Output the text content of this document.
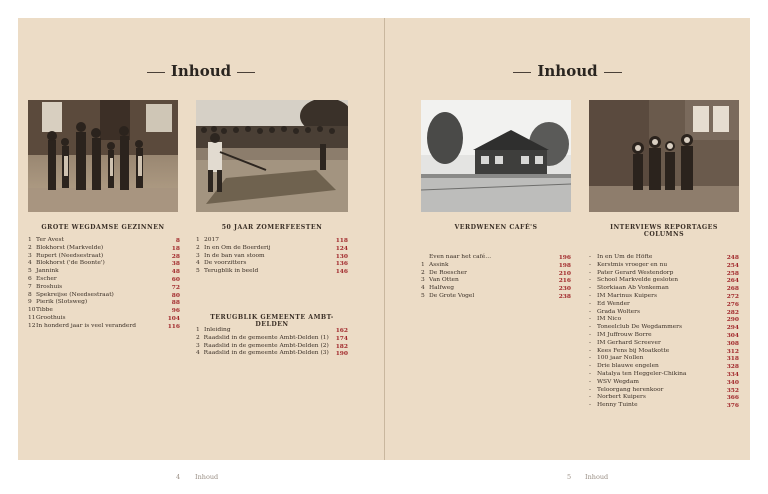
Inhoud
GROTE WEGDAMSE GEZINNEN
1 Ter Avest	8
2 Blokhorst (Markvelde)	18
3 Rupert (Needsestraat)	28
4 Blokhorst ('de Boonte')	38
5 Jannink	48
6 Escher	60
7 Broshuis	72
8 Spekreijse (Needsestraat)	80
9 Pierik (Slotsweg)	88
10 Tibbe	96
11 Groothuis	104
12 In honderd jaar is veel veranderd	116
50 JAAR ZOMERFEESTEN
1 2017	118
2 In en Om de Boerderij	124
3 In de ban van stoom	130
4 De voorzitters	136
5 Terugblik in beeld	146
TERUGBLIK GEMEENTE AMBT-DELDEN
1 Inleiding	162
2 Raadslid in de gemeente Ambt-Delden (1)	174
3 Raadslid in de gemeente Ambt-Delden (2)	182
4 Raadslid in de gemeente Ambt-Delden (3)	190
Inhoud
VERDWENEN CAFÉ'S
Even naar het café…	196
1 Assink	198
2 De Roescher	210
3 Van Otten	216
4 Halfweg	230
5 De Grote Vogel	238
INTERVIEWS REPORTAGES COLUMNS
-	In en Um de Höfte	248
-	Kerstmis vroeger en nu	254
-	Pater Gerard Westendorp	258
-	School Markvelde gesloten	264
-	Storkiaan Ab Vonkeman	268
-	IM Marinus Kuipers	272
-	Ed Wender	276
-	Grada Wolters	282
-	IM Nico	290
-	Toneelclub De Wegdammers	294
-	IM Juffrouw Borre	304
-	IM Gerhard Screever	308
-	Kees Fens bij Moatkotte	312
-	100 jaar Nollen	318
-	Drie blauwe engelen	328
-	Natalya ten Heggeler-Chikina	334
-	WSV Wegdam	340
-	Teloorgang herenkoor	352
-	Norbert Kuipers	366
-	Henny Tuinte	376
4 Inhoud	5 Inhoud
